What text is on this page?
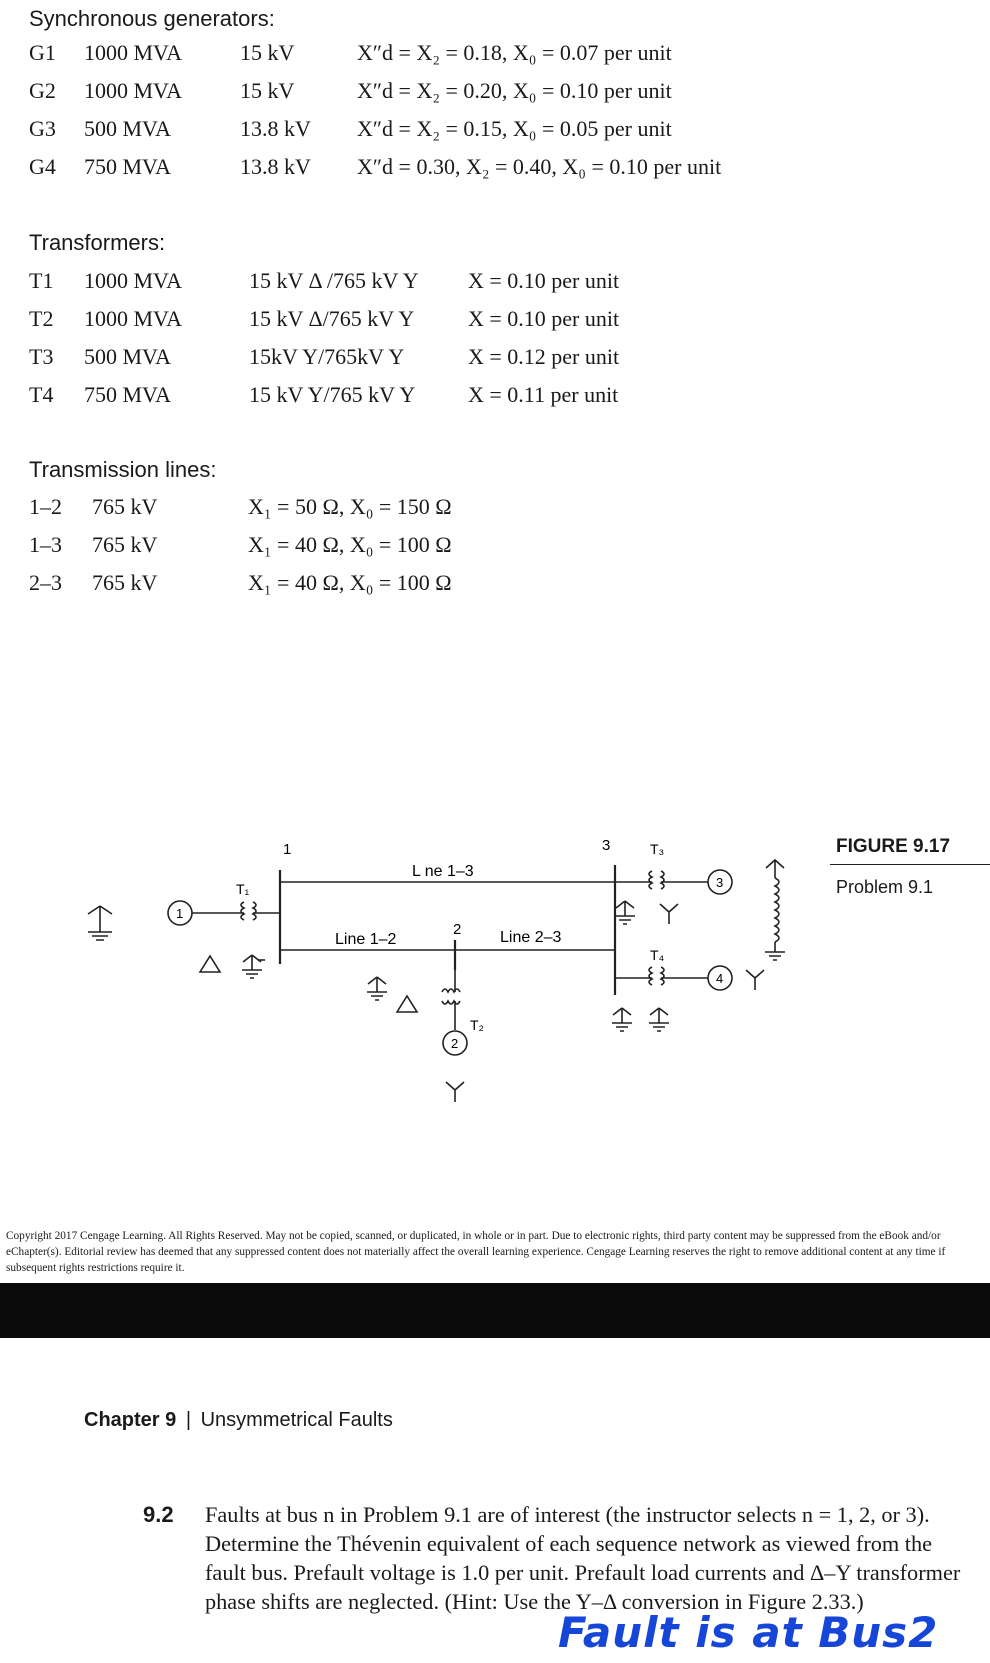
Synchronous generators:
G1 1000 MVA	15 kV	X″d = X₂ = 0.18, X₀ = 0.07 per unit
G2 1000 MVA	15 kV	X″d = X₂ = 0.20, X₀ = 0.10 per unit
G3 500 MVA	13.8 kV X″d = X₂ = 0.15, X₀ = 0.05 per unit
G4 750 MVA	13.8 kV X″d = 0.30, X₂ = 0.40, X₀ = 0.10 per unit
Transformers:
T1 1000 MVA	15 kV Δ /765 kV Y X = 0.10 per unit
T2 1000 MVA	15 kV Δ/765 kV Y X = 0.10 per unit
T3 500 MVA	15kV Y/765kV Y	X = 0.12 per unit
T4 750 MVA	15 kV Y/765 kV Y X = 0.11 per unit
Transmission lines:
1–2 765 kV	X₁ = 50 Ω, X₀ = 150 Ω
1–3 765 kV	X₁ = 40 Ω, X₀ = 100 Ω
2–3 765 kV	X₁ = 40 Ω, X₀ = 100 Ω
1
L ne 1–3
Line 1–2
2 Line 2–3
3
T₁
T₂
T₃
T₄
1
2
3
4
FIGURE 9.17
Problem 9.1
Copyright 2017 Cengage Learning. All Rights Reserved. May not be copied, scanned, or duplicated, in whole or in part. Due to electronic rights, third party content may be suppressed from the eBook and/or eChapter(s). Editorial review has deemed that any suppressed content does not materially affect the overall learning experience. Cengage Learning reserves the right to remove additional content at any time if subsequent rights restrictions require it.
Chapter 9 | Unsymmetrical Faults
9.2 Faults at bus n in Problem 9.1 are of interest (the instructor selects n = 1, 2, or 3). Determine the Thévenin equivalent of each sequence network as viewed from the fault bus. Prefault voltage is 1.0 per unit. Prefault load currents and Δ–Y transformer phase shifts are neglected. (Hint: Use the Y–Δ conversion in Figure 2.33.)
Fault is at Bus2
